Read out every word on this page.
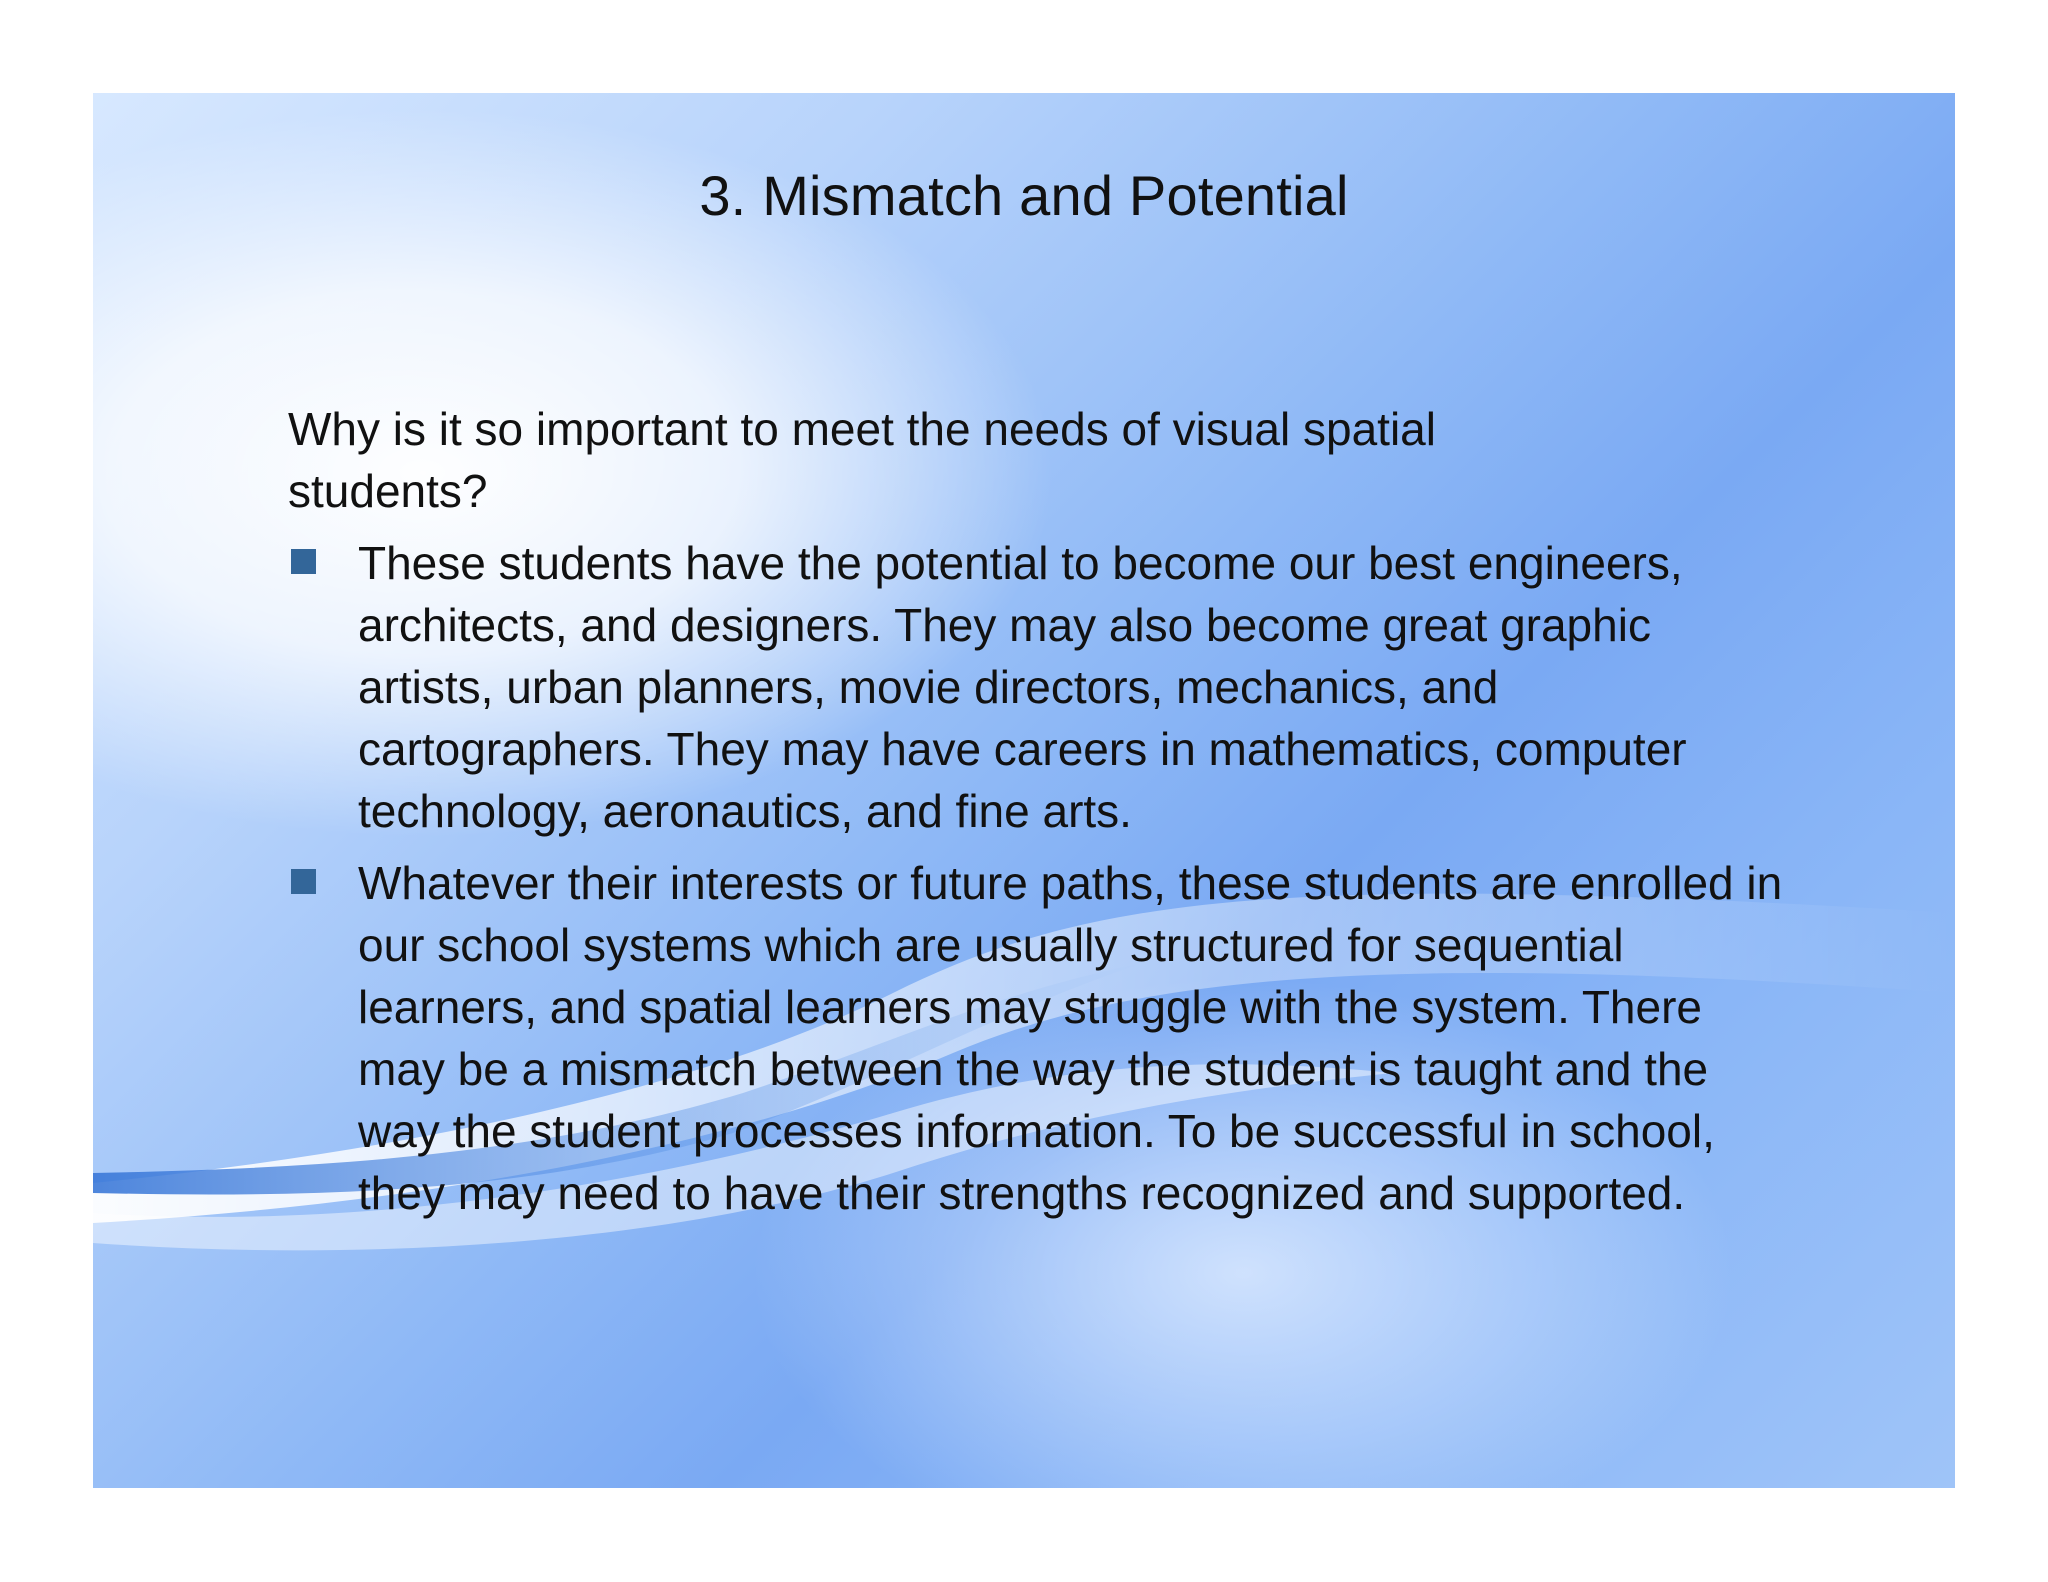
3. Mismatch and Potential

Why is it so important to meet the needs of visual spatial students?

These students have the potential to become our best engineers, architects, and designers. They may also become great graphic artists, urban planners, movie directors, mechanics, and cartographers. They may have careers in mathematics, computer technology, aeronautics, and fine arts.
Whatever their interests or future paths, these students are enrolled in our school systems which are usually structured for sequential learners, and spatial learners may struggle with the system. There may be a mismatch between the way the student is taught and the way the student processes information. To be successful in school, they may need to have their strengths recognized and supported.
